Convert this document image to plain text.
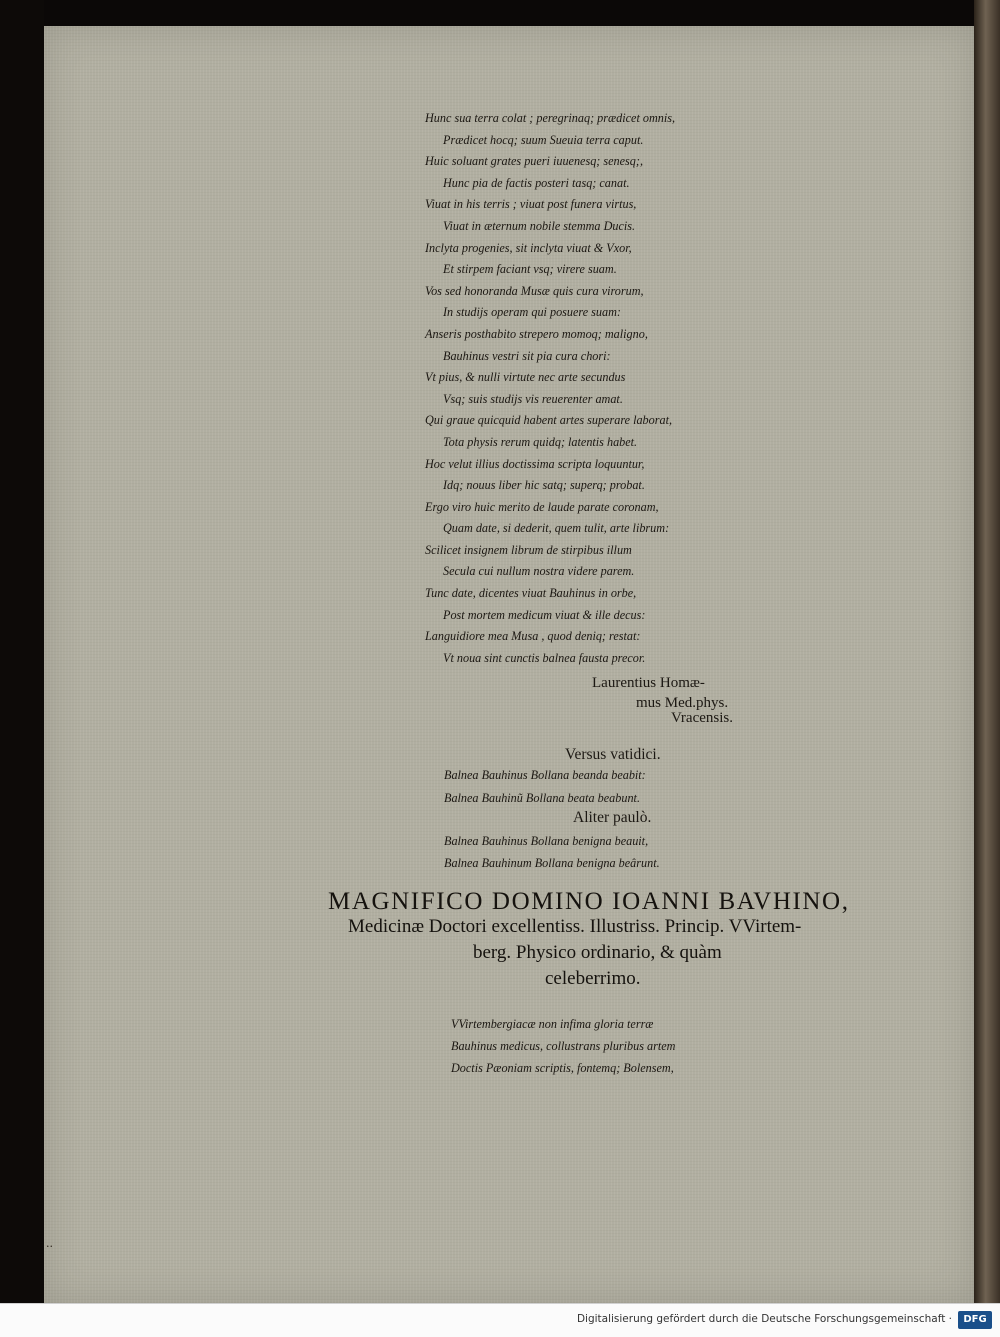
Hunc sua terra colat ; peregrinaq; prædicet omnis,
Prædicet hocq; suum Sueuia terra caput.
Huic soluant grates pueri iuuenesq; senesq;,
Hunc pia de factis posteri tasq; canat.
Viuat in his terris ; viuat post funera virtus,
Viuat in æternum nobile stemma Ducis.
Inclyta progenies, sit inclyta viuat & Vxor,
Et stirpem faciant vsq; virere suam.
Vos sed honoranda Musæ quis cura virorum,
In studijs operam qui posuere suam:
Anseris posthabito strepero momoq; maligno,
Bauhinus vestri sit pia cura chori:
Vt pius, & nulli virtute nec arte secundus
Vsq; suis studijs vis reuerenter amat.
Qui graue quicquid habent artes superare laborat,
Tota physis rerum quidq; latentis habet.
Hoc velut illius doctissima scripta loquuntur,
Idq; nouus liber hic satq; superq; probat.
Ergo viro huic merito de laude parate coronam,
Quam date, si dederit, quem tulit, arte librum:
Scilicet insignem librum de stirpibus illum
Secula cui nullum nostra videre parem.
Tunc date, dicentes viuat Bauhinus in orbe,
Post mortem medicum viuat & ille decus:
Languidiore mea Musa , quod deniq; restat:
Vt noua sint cunctis balnea fausta precor.
Laurentius Homæ-
mus Med.phys.
Vracensis.
Versus vatidici.
Balnea Bauhinus Bollana beanda beabit:
Balnea Bauhinũ Bollana beata beabunt.
Aliter paulò.
Balnea Bauhinus Bollana benigna beauit,
Balnea Bauhinum Bollana benigna beârunt.
MAGNIFICO DOMINO IOANNI BAVHINO,
Medicinæ Doctori excellentiss. Illustriss. Princip. VVirtem-
berg. Physico ordinario, & quàm
celeberrimo.
VVirtembergiacæ non infima gloria terræ
Bauhinus medicus, collustrans pluribus artem
Doctis Pæoniam scriptis, fontemq; Bolensem,
..
Digitalisierung gefördert durch die Deutsche Forschungsgemeinschaft ·	DFG
